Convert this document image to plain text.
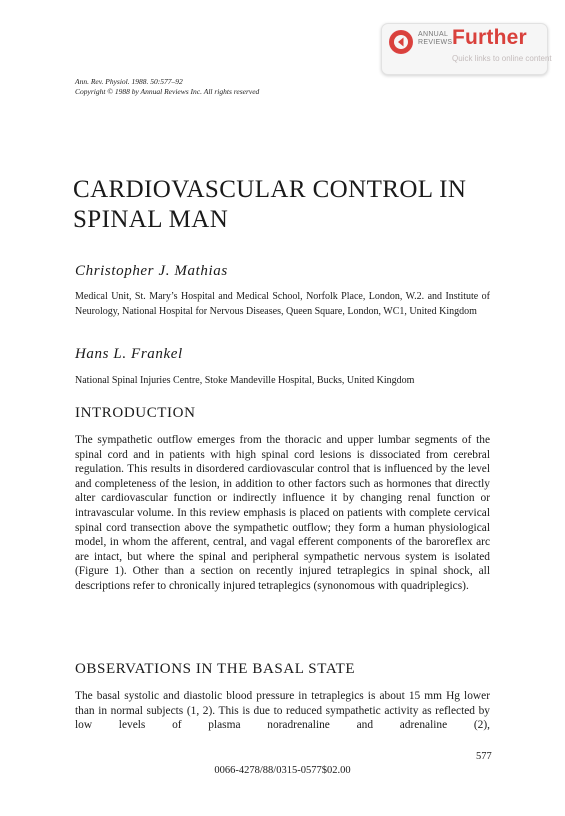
ANNUAL
REVIEWS Further
Quick links to online content
Ann. Rev. Physiol. 1988. 50:577–92
Copyright © 1988 by Annual Reviews Inc. All rights reserved
CARDIOVASCULAR CONTROL IN
SPINAL MAN
Christopher J. Mathias
Medical Unit, St. Mary’s Hospital and Medical School, Norfolk Place, London, W.2. and Institute of Neurology, National Hospital for Nervous Diseases, Queen Square, London, WC1, United Kingdom
Hans L. Frankel
National Spinal Injuries Centre, Stoke Mandeville Hospital, Bucks, United Kingdom
INTRODUCTION

The sympathetic outflow emerges from the thoracic and upper lumbar segments of the spinal cord and in patients with high spinal cord lesions is dissociated from cerebral regulation. This results in disordered cardiovascular control that is influenced by the level and completeness of the lesion, in addition to other factors such as hormones that directly alter cardiovascular function or indirectly influence it by changing renal function or intravascular volume. In this review emphasis is placed on patients with complete cervical spinal cord transection above the sympathetic outflow; they form a human physiological model, in whom the afferent, central, and vagal efferent components of the baroreflex arc are intact, but where the spinal and peripheral sympathetic nervous system is isolated (Figure 1). Other than a section on recently injured tetraplegics in spinal shock, all descriptions refer to chronically injured tetraplegics (synonomous with quadriplegics).

OBSERVATIONS IN THE BASAL STATE

The basal systolic and diastolic blood pressure in tetraplegics is about 15 mm Hg lower than in normal subjects (1, 2). This is due to reduced sympathetic activity as reflected by low levels of plasma noradrenaline and adrenaline (2),

577
0066-4278/88/0315-0577$02.00
